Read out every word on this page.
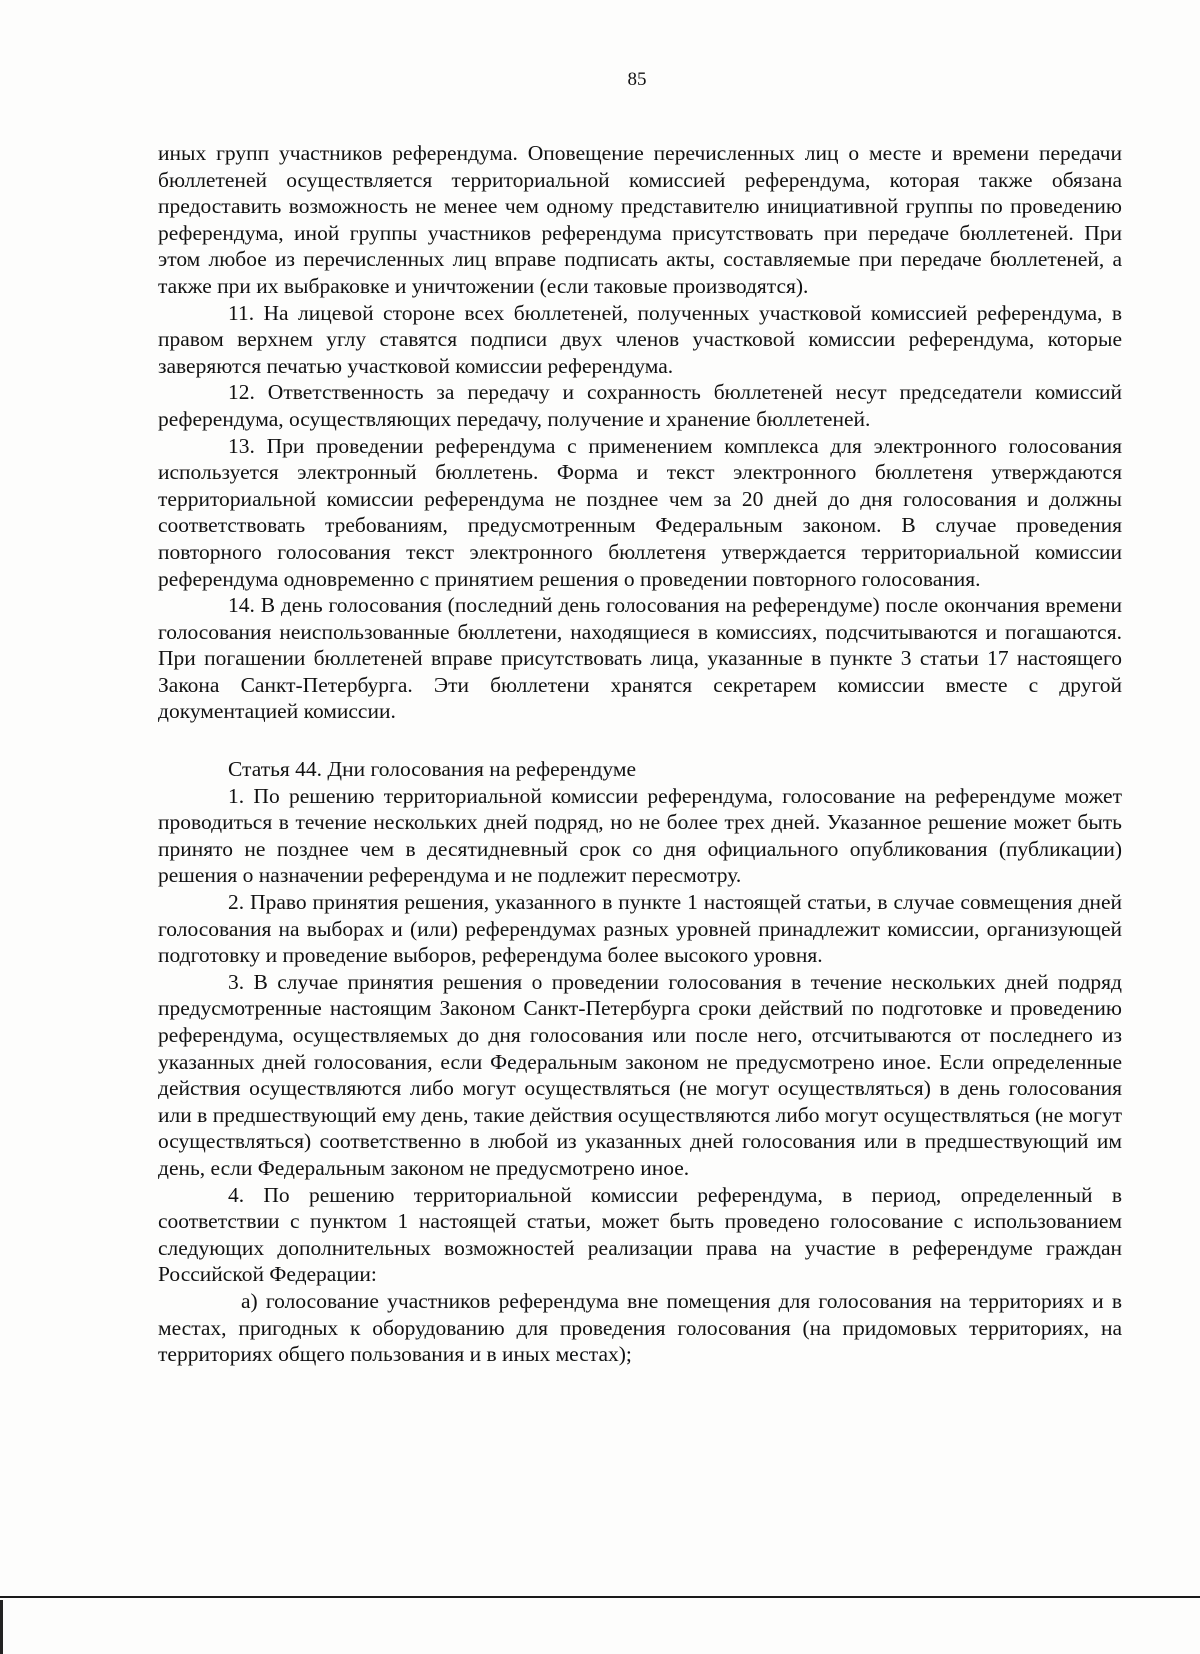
85

иных групп участников референдума. Оповещение перечисленных лиц о месте и времени передачи бюллетеней осуществляется территориальной комиссией референдума, которая также обязана предоставить возможность не менее чем одному представителю инициативной группы по проведению референдума, иной группы участников референдума присутствовать при передаче бюллетеней. При этом любое из перечисленных лиц вправе подписать акты, составляемые при передаче бюллетеней, а также при их выбраковке и уничтожении (если таковые производятся).

11. На лицевой стороне всех бюллетеней, полученных участковой комиссией референдума, в правом верхнем углу ставятся подписи двух членов участковой комиссии референдума, которые заверяются печатью участковой комиссии референдума.

12. Ответственность за передачу и сохранность бюллетеней несут председатели комиссий референдума, осуществляющих передачу, получение и хранение бюллетеней.

13. При проведении референдума с применением комплекса для электронного голосования используется электронный бюллетень. Форма и текст электронного бюллетеня утверждаются территориальной комиссии референдума не позднее чем за 20 дней до дня голосования и должны соответствовать требованиям, предусмотренным Федеральным законом. В случае проведения повторного голосования текст электронного бюллетеня утверждается территориальной комиссии референдума одновременно с принятием решения о проведении повторного голосования.

14. В день голосования (последний день голосования на референдуме) после окончания времени голосования неиспользованные бюллетени, находящиеся в комиссиях, подсчитываются и погашаются. При погашении бюллетеней вправе присутствовать лица, указанные в пункте 3 статьи 17 настоящего Закона Санкт-Петербурга. Эти бюллетени хранятся секретарем комиссии вместе с другой документацией комиссии.

Статья 44. Дни голосования на референдуме

1. По решению территориальной комиссии референдума, голосование на референдуме может проводиться в течение нескольких дней подряд, но не более трех дней. Указанное решение может быть принято не позднее чем в десятидневный срок со дня официального опубликования (публикации) решения о назначении референдума и не подлежит пересмотру.

2. Право принятия решения, указанного в пункте 1 настоящей статьи, в случае совмещения дней голосования на выборах и (или) референдумах разных уровней принадлежит комиссии, организующей подготовку и проведение выборов, референдума более высокого уровня.

3. В случае принятия решения о проведении голосования в течение нескольких дней подряд предусмотренные настоящим Законом Санкт-Петербурга сроки действий по подготовке и проведению референдума, осуществляемых до дня голосования или после него, отсчитываются от последнего из указанных дней голосования, если Федеральным законом не предусмотрено иное. Если определенные действия осуществляются либо могут осуществляться (не могут осуществляться) в день голосования или в предшествующий ему день, такие действия осуществляются либо могут осуществляться (не могут осуществляться) соответственно в любой из указанных дней голосования или в предшествующий им день, если Федеральным законом не предусмотрено иное.

4. По решению территориальной комиссии референдума, в период, определенный в соответствии с пунктом 1 настоящей статьи, может быть проведено голосование с использованием следующих дополнительных возможностей реализации права на участие в референдуме граждан Российской Федерации:

а) голосование участников референдума вне помещения для голосования на территориях и в местах, пригодных к оборудованию для проведения голосования (на придомовых территориях, на территориях общего пользования и в иных местах);
